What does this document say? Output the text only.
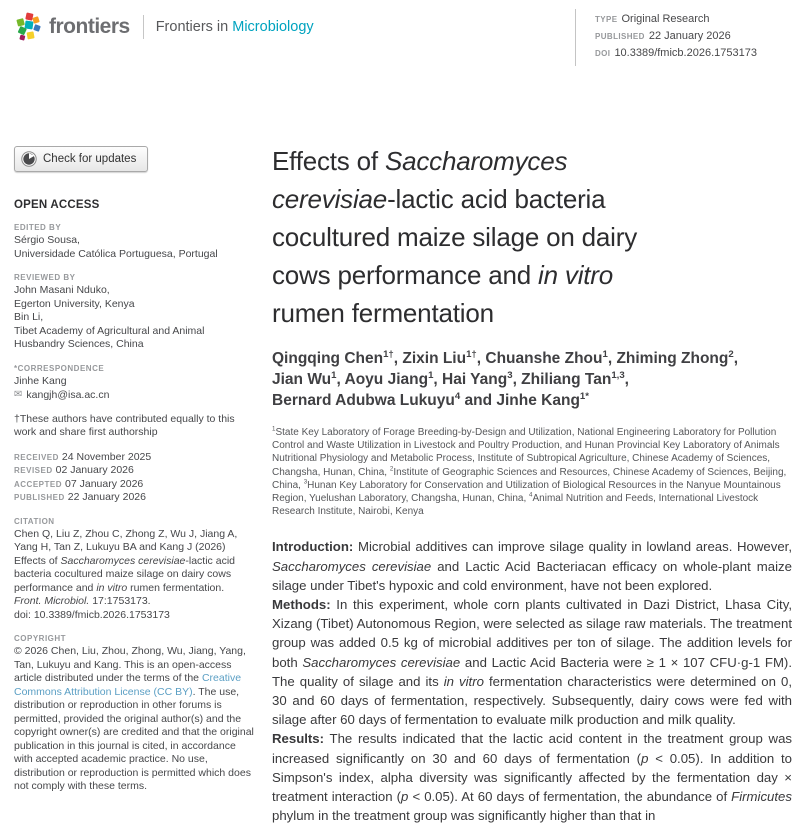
frontiers Frontiers in Microbiology	TYPE Original Research
PUBLISHED 22 January 2026
DOI 10.3389/fmicb.2026.1753173
Check for updates
OPEN ACCESS
EDITED BY
Sérgio Sousa,
Universidade Católica Portuguesa, Portugal
REVIEWED BY
John Masani Nduko,
Egerton University, Kenya
Bin Li,
Tibet Academy of Agricultural and Animal Husbandry Sciences, China
*CORRESPONDENCE
Jinhe Kang
✉ kangjh@isa.ac.cn
†These authors have contributed equally to this work and share first authorship
RECEIVED 24 November 2025
REVISED 02 January 2026
ACCEPTED 07 January 2026
PUBLISHED 22 January 2026
CITATION
Chen Q, Liu Z, Zhou C, Zhong Z, Wu J, Jiang A, Yang H, Tan Z, Lukuyu BA and Kang J (2026) Effects of Saccharomyces cerevisiae-lactic acid bacteria cocultured maize silage on dairy cows performance and in vitro rumen fermentation.
Front. Microbiol. 17:1753173.
doi: 10.3389/fmicb.2026.1753173
COPYRIGHT
© 2026 Chen, Liu, Zhou, Zhong, Wu, Jiang, Yang, Tan, Lukuyu and Kang. This is an open-access article distributed under the terms of the Creative Commons Attribution License (CC BY). The use, distribution or reproduction in other forums is permitted, provided the original author(s) and the copyright owner(s) are credited and that the original publication in this journal is cited, in accordance with accepted academic practice. No use, distribution or reproduction is permitted which does not comply with these terms.
Effects of Saccharomyces
cerevisiae-lactic acid bacteria
cocultured maize silage on dairy
cows performance and in vitro
rumen fermentation
Qingqing Chen$^{1\dagger}$, Zixin Liu$^{1\dagger}$, Chuanshe Zhou$^1$, Zhiming Zhong$^2$,
Jian Wu$^1$, Aoyu Jiang$^1$, Hai Yang$^3$, Zhiliang Tan$^{1,3}$,
Bernard Adubwa Lukuyu$^4$ and Jinhe Kang$^{1*}$
$^1$State Key Laboratory of Forage Breeding-by-Design and Utilization, National Engineering Laboratory for Pollution Control and Waste Utilization in Livestock and Poultry Production, and Hunan Provincial Key Laboratory of Animals Nutritional Physiology and Metabolic Process, Institute of Subtropical Agriculture, Chinese Academy of Sciences, Changsha, Hunan, China, $^2$Institute of Geographic Sciences and Resources, Chinese Academy of Sciences, Beijing, China, $^3$Hunan Key Laboratory for Conservation and Utilization of Biological Resources in the Nanyue Mountainous Region, Yuelushan Laboratory, Changsha, Hunan, China, $^4$Animal Nutrition and Feeds, International Livestock Research Institute, Nairobi, Kenya

Introduction: Microbial additives can improve silage quality in lowland areas. However, Saccharomyces cerevisiae and Lactic Acid Bacteriacan efficacy on whole-plant maize silage under Tibet's hypoxic and cold environment, have not been explored.

Methods: In this experiment, whole corn plants cultivated in Dazi District, Lhasa City, Xizang (Tibet) Autonomous Region, were selected as silage raw materials. The treatment group was added 0.5 kg of microbial additives per ton of silage. The addition levels for both Saccharomyces cerevisiae and Lactic Acid Bacteria were ≥ 1 × 107 CFU·g-1 FM). The quality of silage and its in vitro fermentation characteristics were determined on 0, 30 and 60 days of fermentation, respectively. Subsequently, dairy cows were fed with silage after 60 days of fermentation to evaluate milk production and milk quality.

Results: The results indicated that the lactic acid content in the treatment group was increased significantly on 30 and 60 days of fermentation (p < 0.05). In addition to Simpson's index, alpha diversity was significantly affected by the fermentation day × treatment interaction (p < 0.05). At 60 days of fermentation, the abundance of Firmicutes phylum in the treatment group was significantly higher than that in
